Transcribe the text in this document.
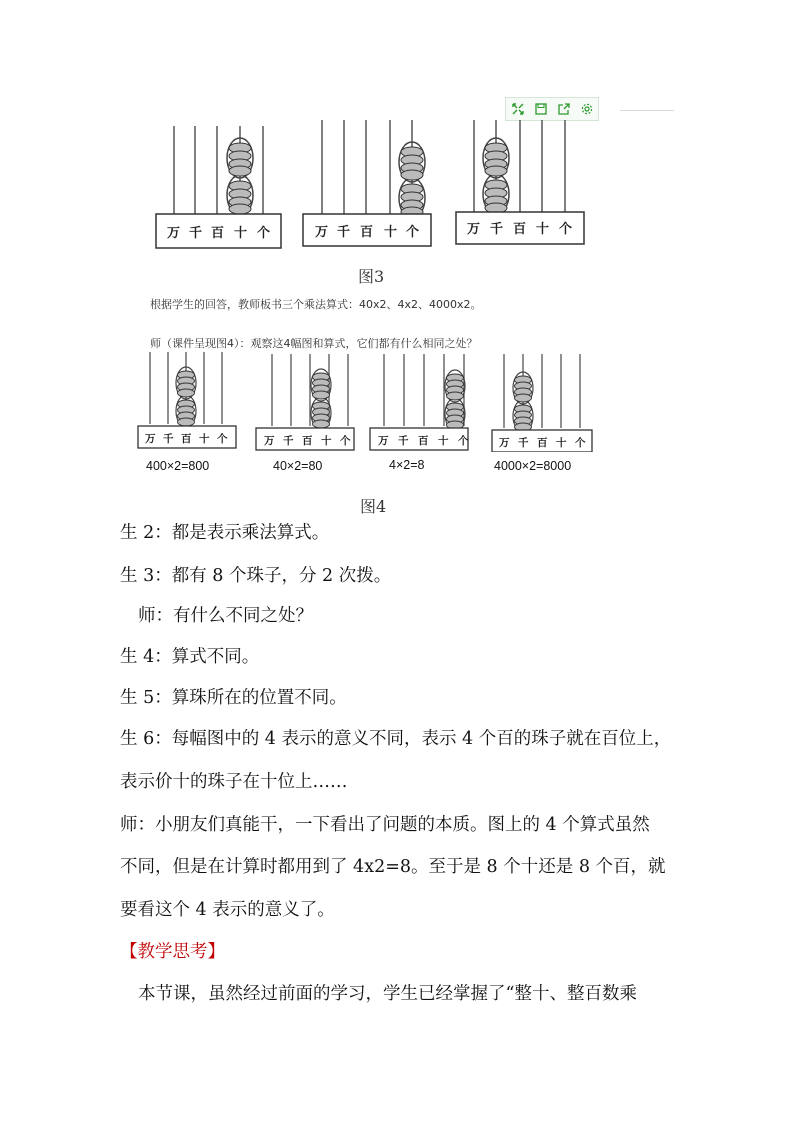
万 千 百 十 个	万 千 百 十 个	万 千 百 十 个
图3
根据学生的回答，教师板书三个乘法算式：40x2、4x2、4000x2。
师（课件呈现图4）：观察这4幅图和算式，它们都有什么相同之处？
万 千 百 十 个	万 千 百 十 个	万 千 百 十 个	万 千 百 十 个
400×2=800	40×2=80	4×2=8	4000×2=8000
图4
生 2：都是表示乘法算式。
生 3：都有 8 个珠子，分 2 次拨。
师：有什么不同之处？
生 4：算式不同。
生 5：算珠所在的位置不同。
生 6：每幅图中的 4 表示的意义不同，表示 4 个百的珠子就在百位上，
表示价十的珠子在十位上……
师：小朋友们真能干，一下看出了问题的本质。图上的 4 个算式虽然
不同，但是在计算时都用到了 4x2=8。至于是 8 个十还是 8 个百，就
要看这个 4 表示的意义了。
【教学思考】
本节课，虽然经过前面的学习，学生已经掌握了“整十、整百数乘
